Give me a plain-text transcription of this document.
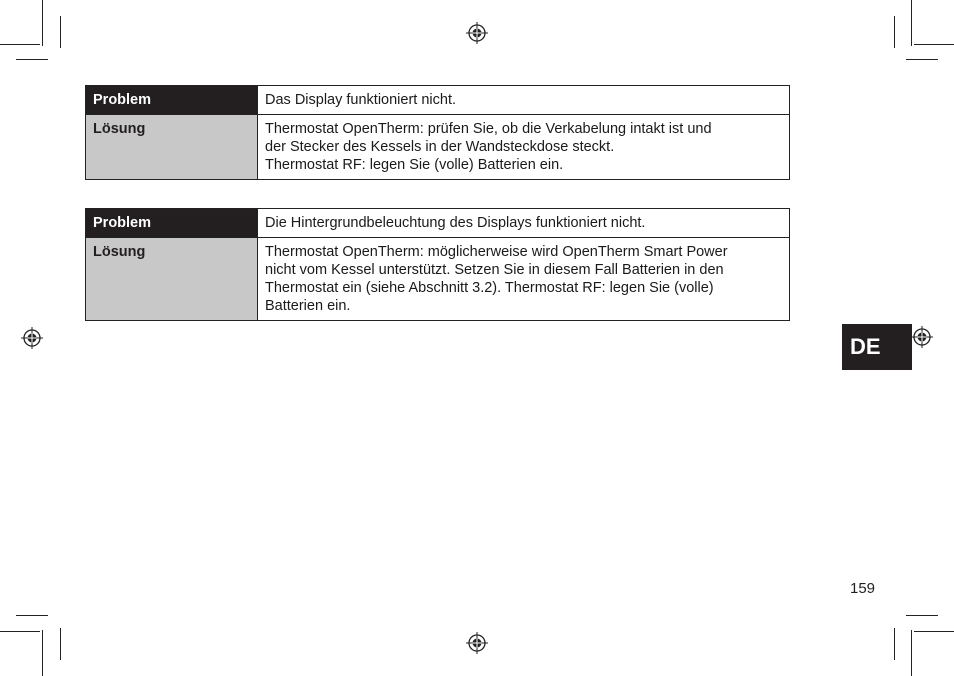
Problem	Das Display funktioniert nicht.
Lösung	Thermostat OpenTherm: prüfen Sie, ob die Verkabelung intakt ist und
der Stecker des Kessels in der Wandsteckdose steckt.
Thermostat RF: legen Sie (volle) Batterien ein.
Problem	Die Hintergrundbeleuchtung des Displays funktioniert nicht.
Lösung	Thermostat OpenTherm: möglicherweise wird OpenTherm Smart Power
nicht vom Kessel unterstützt. Setzen Sie in diesem Fall Batterien in den
Thermostat ein (siehe Abschnitt 3.2). Thermostat RF: legen Sie (volle)
Batterien ein.
DE
159
